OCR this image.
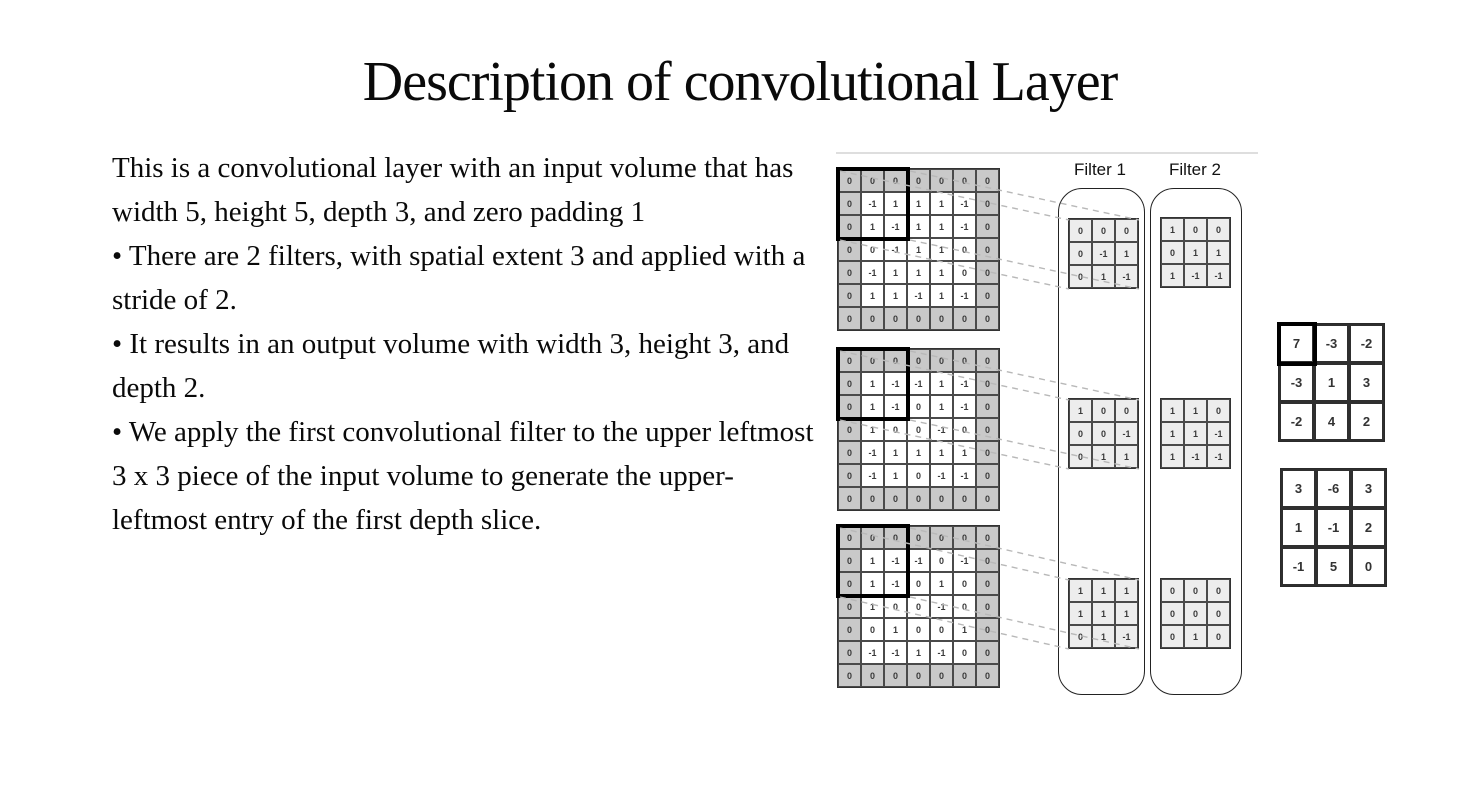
Description of convolutional Layer

This is a convolutional layer with an input volume that has width 5, height 5, depth 3, and zero padding 1

• There are 2 filters, with spatial extent 3 and applied with a stride of 2.

• It results in an output volume with width 3, height 3, and depth 2.

• We apply the first convolutional filter to the upper leftmost 3 x 3 piece of the input volume to generate the upper-leftmost entry of the first depth slice.

0	0	0	0	0	0	0
0	-1	1	1	1	-1	0
0	1	-1	1	1	-1	0
0	0	-1	1	1	0	0
0	-1	1	1	1	0	0
0	1	1	-1	1	-1	0
0	0	0	0	0	0	0
0	0	0	0	0	0	0
0	1	-1	-1	1	-1	0
0	1	-1	0	1	-1	0
0	1	0	0	-1	0	0
0	-1	1	1	1	1	0
0	-1	1	0	-1	-1	0
0	0	0	0	0	0	0
0	0	0	0	0	0	0
0	1	-1	-1	0	-1	0
0	1	-1	0	1	0	0
0	1	0	0	-1	0	0
0	0	1	0	0	1	0
0	-1	-1	1	-1	0	0
0	0	0	0	0	0	0
Filter 1	Filter 2
0	0	0
0	-1	1
0	1	-1
1	0	0
0	0	-1
0	1	1
1	1	1
1	1	1
0	1	-1
1	0	0
0	1	1
1	-1	-1
1	1	0
1	1	-1
1	-1	-1
0	0	0
0	0	0
0	1	0
7	-3	-2
-3	1	3
-2	4	2
3	-6	3
1	-1	2
-1	5	0
